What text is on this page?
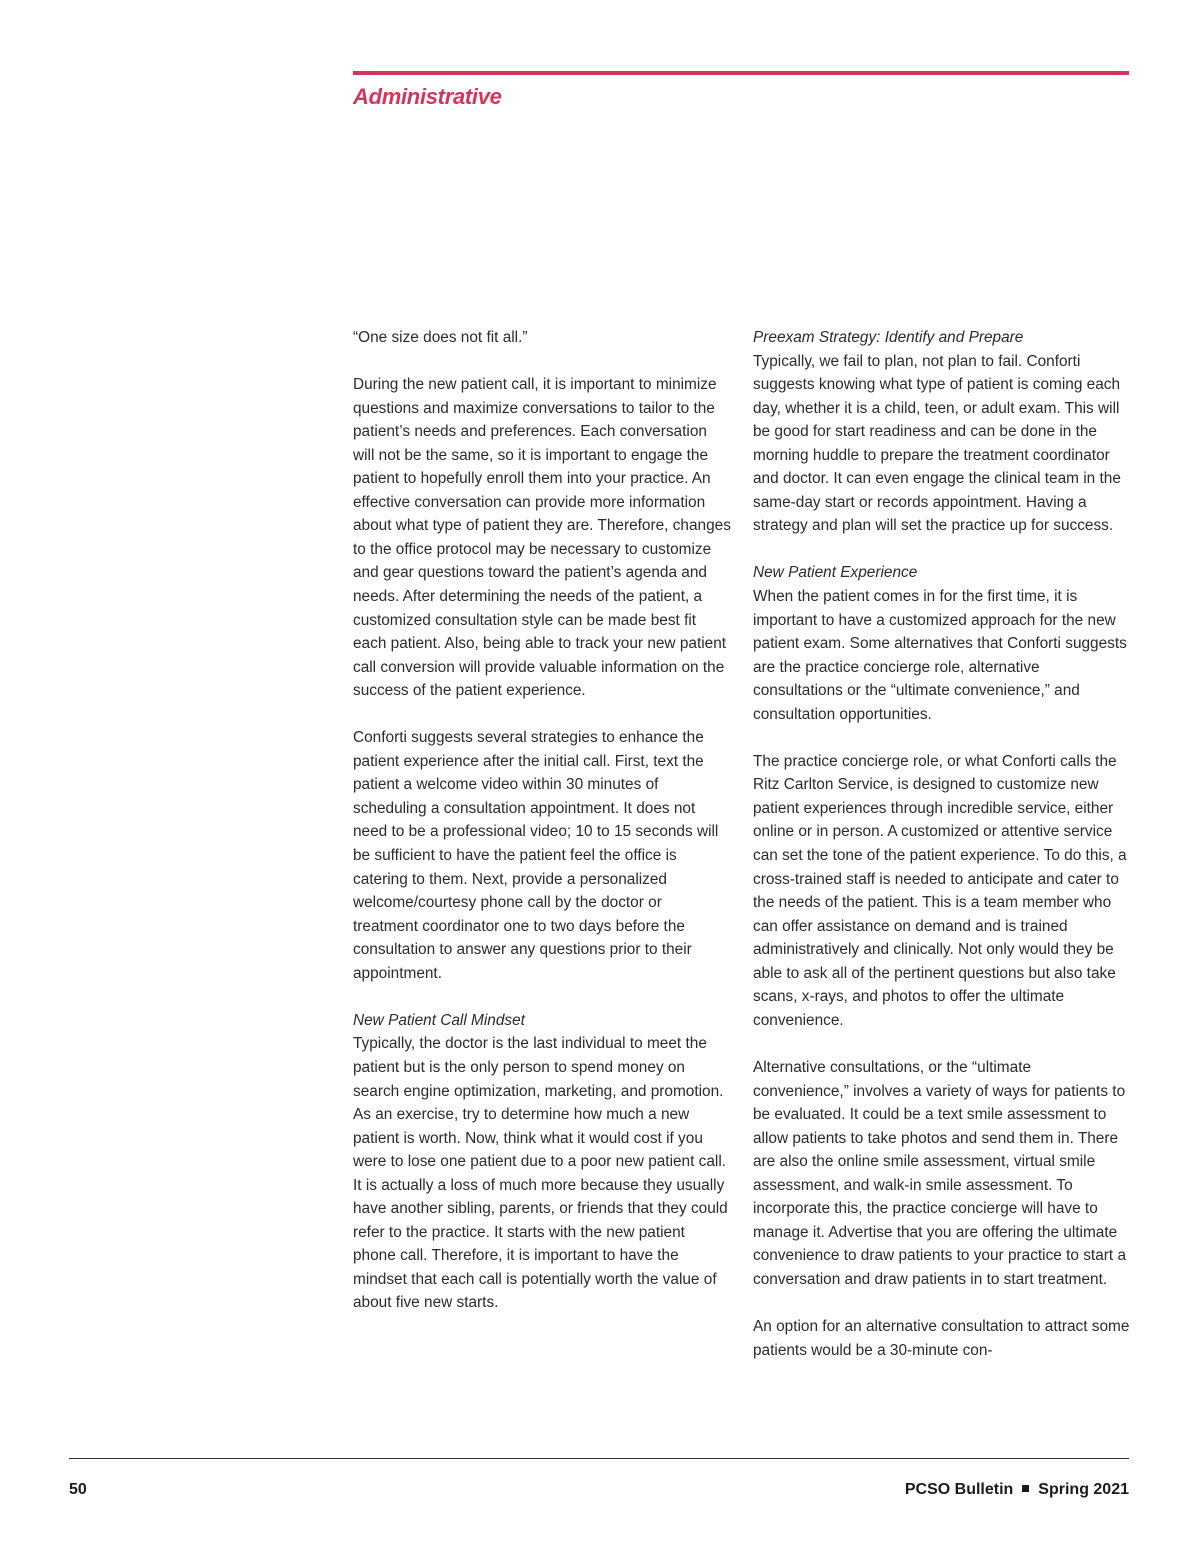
Administrative

“One size does not fit all.”

During the new patient call, it is important to minimize questions and maximize conversations to tailor to the patient’s needs and preferences. Each conversation will not be the same, so it is important to engage the patient to hopefully enroll them into your practice. An effective conversation can provide more information about what type of patient they are. Therefore, changes to the office protocol may be necessary to customize and gear questions toward the patient’s agenda and needs. After determining the needs of the patient, a customized consultation style can be made best fit each patient. Also, being able to track your new patient call conversion will provide valuable information on the success of the patient experience.

Conforti suggests several strategies to enhance the patient experience after the initial call. First, text the patient a welcome video within 30 minutes of scheduling a consultation appointment. It does not need to be a professional video; 10 to 15 seconds will be sufficient to have the patient feel the office is catering to them. Next, provide a personalized welcome/courtesy phone call by the doctor or treatment coordinator one to two days before the consultation to answer any questions prior to their appointment.

New Patient Call Mindset

Typically, the doctor is the last individual to meet the patient but is the only person to spend money on search engine optimization, marketing, and promotion. As an exercise, try to determine how much a new patient is worth. Now, think what it would cost if you were to lose one patient due to a poor new patient call. It is actually a loss of much more because they usually have another sibling, parents, or friends that they could refer to the practice. It starts with the new patient phone call. Therefore, it is important to have the mindset that each call is potentially worth the value of about five new starts.

Preexam Strategy: Identify and Prepare

Typically, we fail to plan, not plan to fail. Conforti suggests knowing what type of patient is coming each day, whether it is a child, teen, or adult exam. This will be good for start readiness and can be done in the morning huddle to prepare the treatment coordinator and doctor. It can even engage the clinical team in the same-day start or records appointment. Having a strategy and plan will set the practice up for success.

New Patient Experience

When the patient comes in for the first time, it is important to have a customized approach for the new patient exam. Some alternatives that Conforti suggests are the practice concierge role, alternative consultations or the “ultimate convenience,” and consultation opportunities.

The practice concierge role, or what Conforti calls the Ritz Carlton Service, is designed to customize new patient experiences through incredible service, either online or in person. A customized or attentive service can set the tone of the patient experience. To do this, a cross-trained staff is needed to anticipate and cater to the needs of the patient. This is a team member who can offer assistance on demand and is trained administratively and clinically. Not only would they be able to ask all of the pertinent questions but also take scans, x-rays, and photos to offer the ultimate convenience.

Alternative consultations, or the “ultimate convenience,” involves a variety of ways for patients to be evaluated. It could be a text smile assessment to allow patients to take photos and send them in. There are also the online smile assessment, virtual smile assessment, and walk-in smile assessment. To incorporate this, the practice concierge will have to manage it. Advertise that you are offering the ultimate convenience to draw patients to your practice to start a conversation and draw patients in to start treatment.

An option for an alternative consultation to attract some patients would be a 30-minute con-

50	PCSO Bulletin Spring 2021
